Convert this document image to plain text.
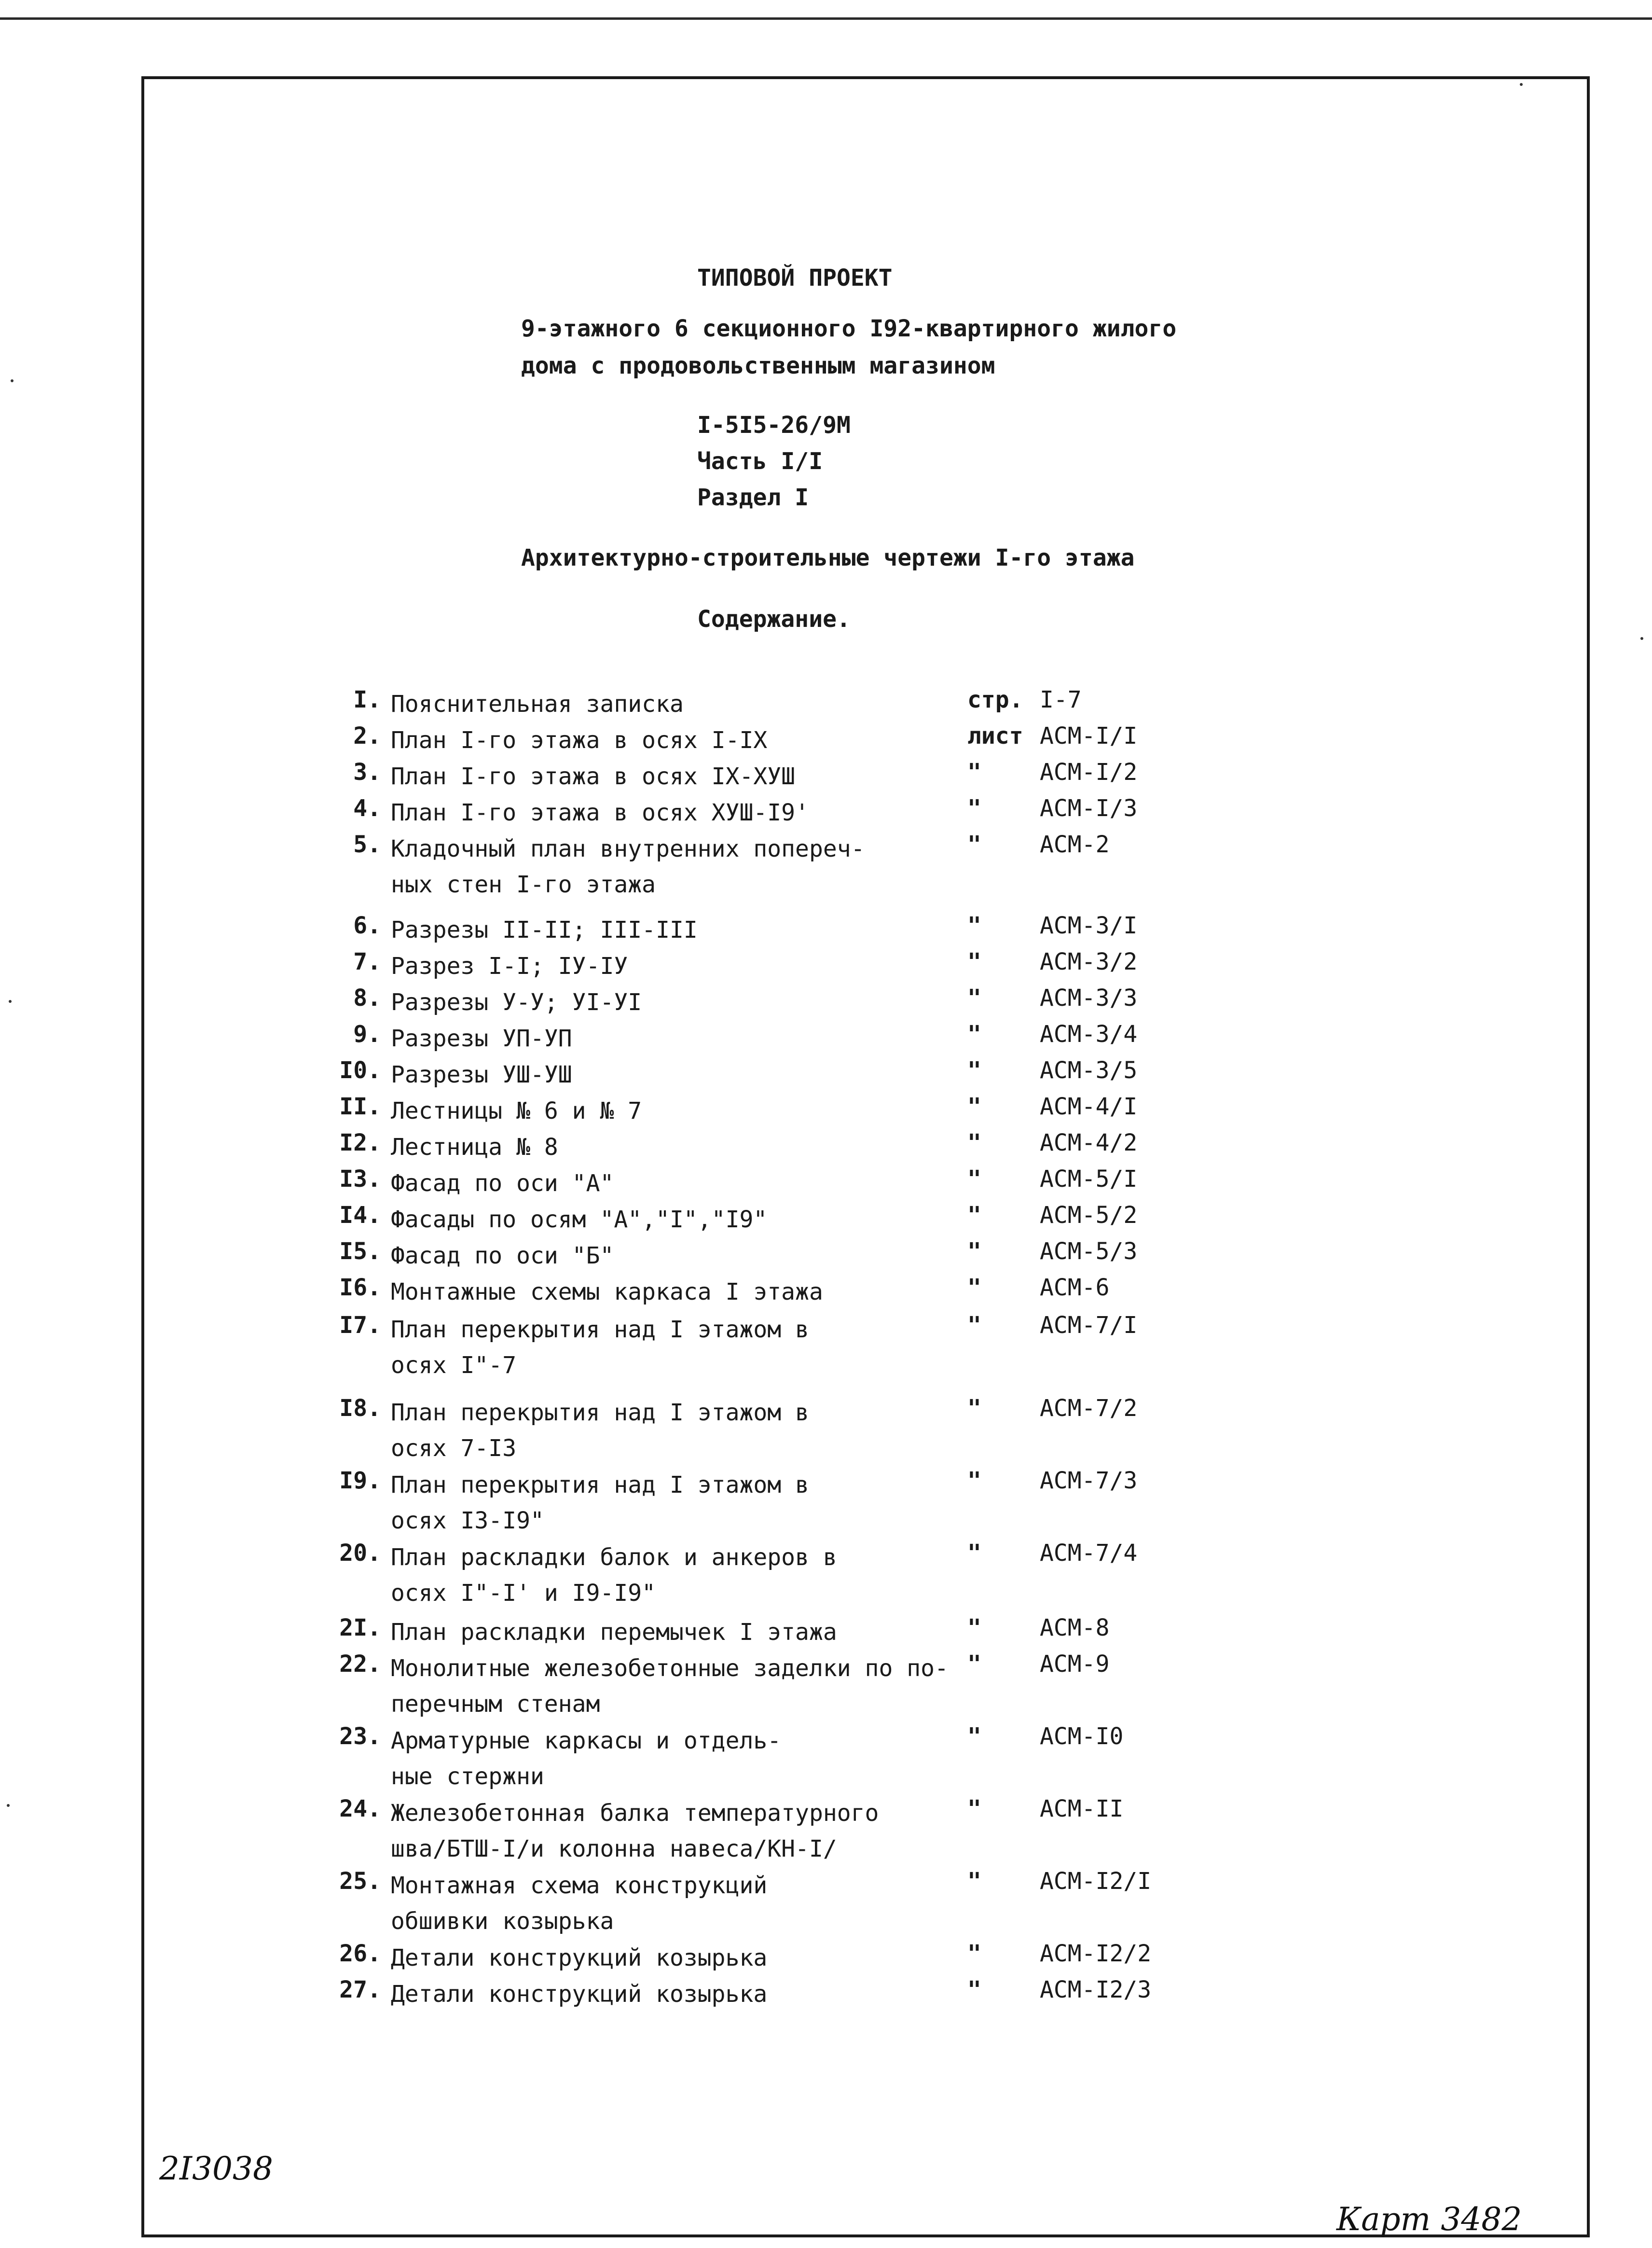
ТИПОВОЙ ПРОЕКТ
9-этажного 6 секционного I92-квартирного жилого
дома с продовольственным магазином
I-5I5-26/9М
Часть I/I
Раздел I
Архитектурно-строительные чертежи I-го этажа
Содержание.
I. Пояснительная записка	стр. I-7
2. План I-го этажа в осях I-IX	лист АСМ-I/I
3. План I-го этажа в осях IX-ХУШ	"	АСМ-I/2
4. План I-го этажа в осях ХУШ-I9'	"	АСМ-I/3
5. Кладочный план внутренних попереч-
ных стен I-го этажа
"	АСМ-2
6. Разрезы II-II; III-III	"	АСМ-3/I
7. Разрез I-I; IУ-IУ	"	АСМ-3/2
8. Разрезы У-У; УI-УI	"	АСМ-3/3
9. Разрезы УП-УП	"	АСМ-3/4
I0. Разрезы УШ-УШ	"	АСМ-3/5
II. Лестницы № 6 и № 7	"	АСМ-4/I
I2. Лестница № 8	"	АСМ-4/2
I3. Фасад по оси "А"	"	АСМ-5/I
I4. Фасады по осям "А","I","I9"	"	АСМ-5/2
I5. Фасад по оси "Б"	"	АСМ-5/3
I6. Монтажные схемы каркаса I этажа	"	АСМ-6
I7. План перекрытия над I этажом в
осях I"-7
"	АСМ-7/I
I8. План перекрытия над I этажом в
осях 7-I3
"	АСМ-7/2
I9. План перекрытия над I этажом в
осях I3-I9"
"	АСМ-7/3
20. План раскладки балок и анкеров в
осях I"-I' и I9-I9"
"	АСМ-7/4
2I. План раскладки перемычек I этажа	"	АСМ-8
22. Монолитные железобетонные заделки по по-
перечным стенам
"	АСМ-9
23. Арматурные каркасы и отдель-
ные стержни
"	АСМ-I0
24. Железобетонная балка температурного
шва/БТШ-I/и колонна навеса/КН-I/
"	АСМ-II
25. Монтажная схема конструкций
обшивки козырька
"	АСМ-I2/I
26. Детали конструкций козырька	"	АСМ-I2/2
27. Детали конструкций козырька	"	АСМ-I2/3
2I3038
Карт 3482
